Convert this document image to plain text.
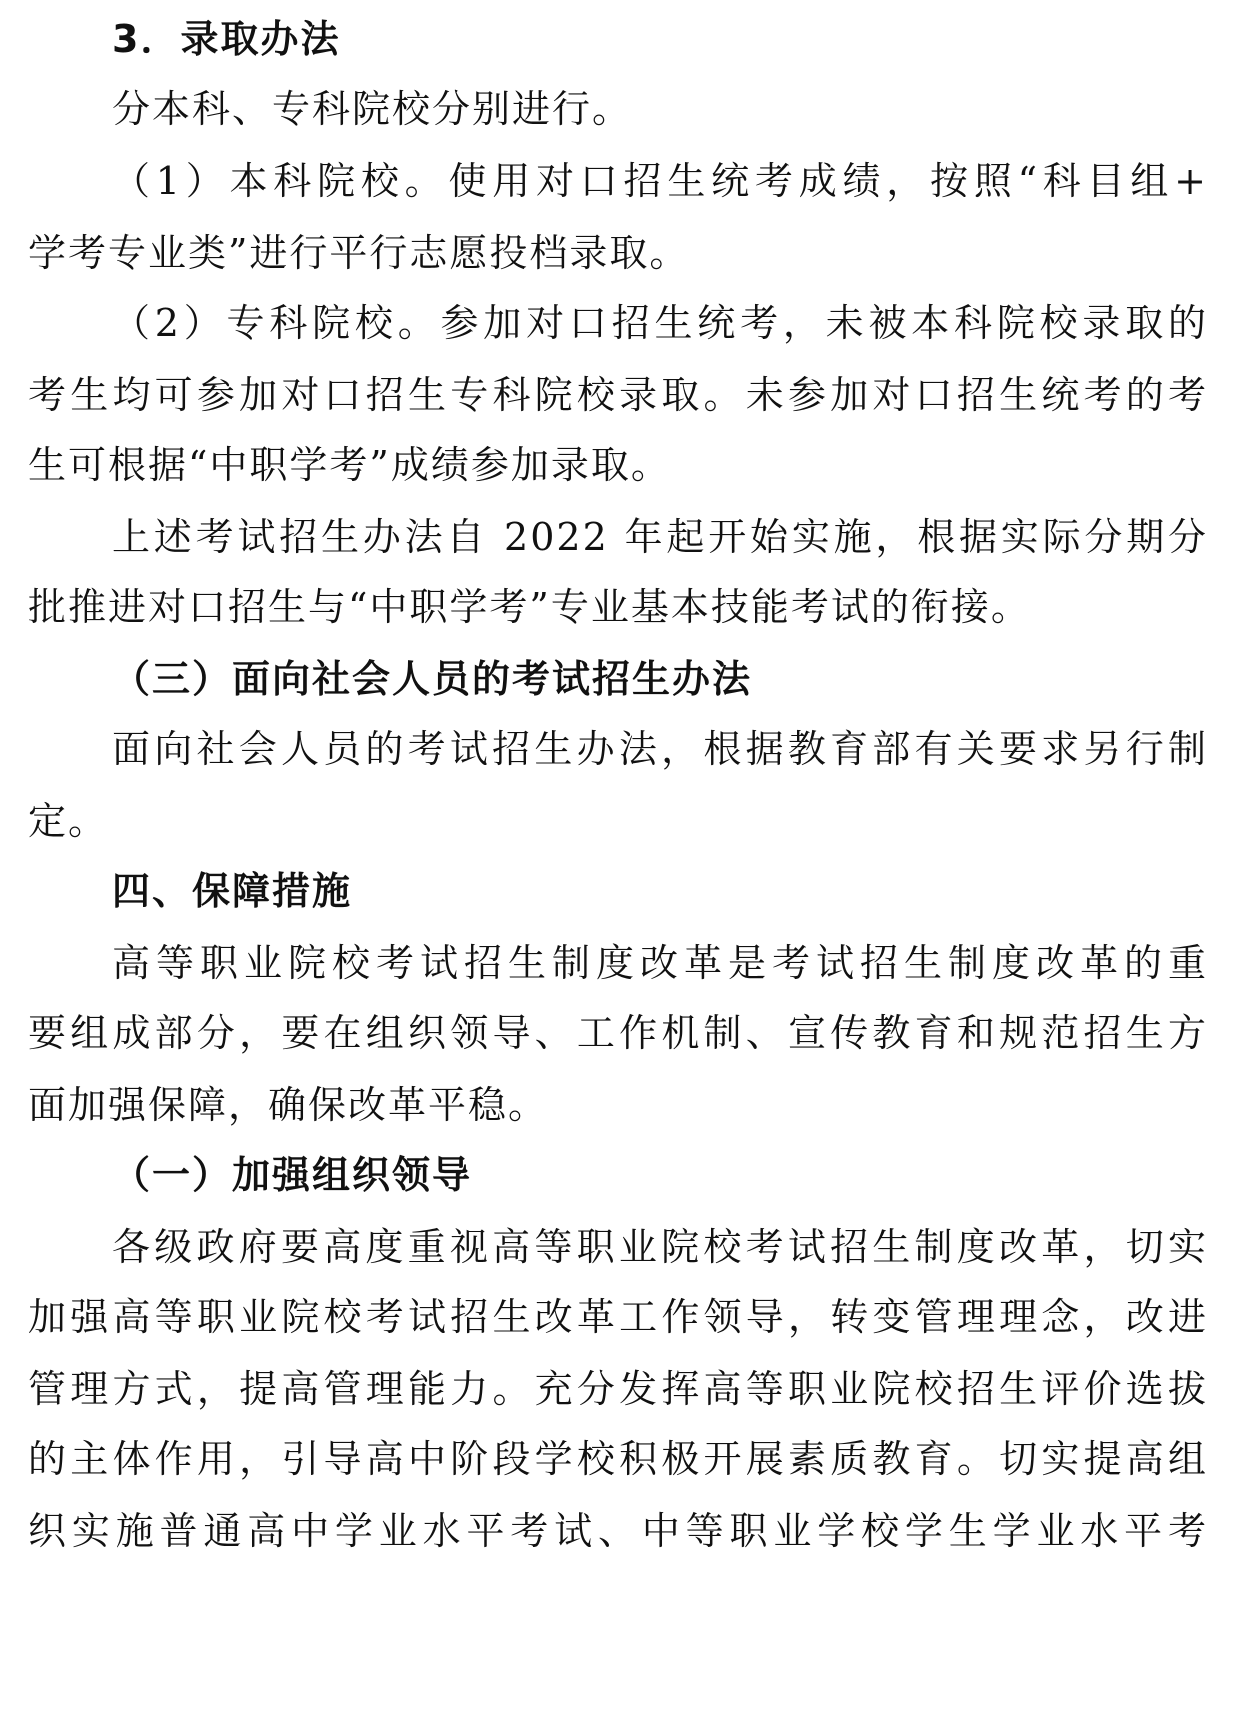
3．录取办法
分本科、专科院校分别进行。
（1）本科院校。使用对口招生统考成绩，按照“科目组+
学考专业类”进行平行志愿投档录取。
（2）专科院校。参加对口招生统考，未被本科院校录取的
考生均可参加对口招生专科院校录取。未参加对口招生统考的考
生可根据“中职学考”成绩参加录取。
上述考试招生办法自 2022 年起开始实施，根据实际分期分
批推进对口招生与“中职学考”专业基本技能考试的衔接。
（三）面向社会人员的考试招生办法
面向社会人员的考试招生办法，根据教育部有关要求另行制
定。
四、保障措施
高等职业院校考试招生制度改革是考试招生制度改革的重
要组成部分，要在组织领导、工作机制、宣传教育和规范招生方
面加强保障，确保改革平稳。
（一）加强组织领导
各级政府要高度重视高等职业院校考试招生制度改革，切实
加强高等职业院校考试招生改革工作领导，转变管理理念，改进
管理方式，提高管理能力。充分发挥高等职业院校招生评价选拔
的主体作用，引导高中阶段学校积极开展素质教育。切实提高组
织实施普通高中学业水平考试、中等职业学校学生学业水平考
